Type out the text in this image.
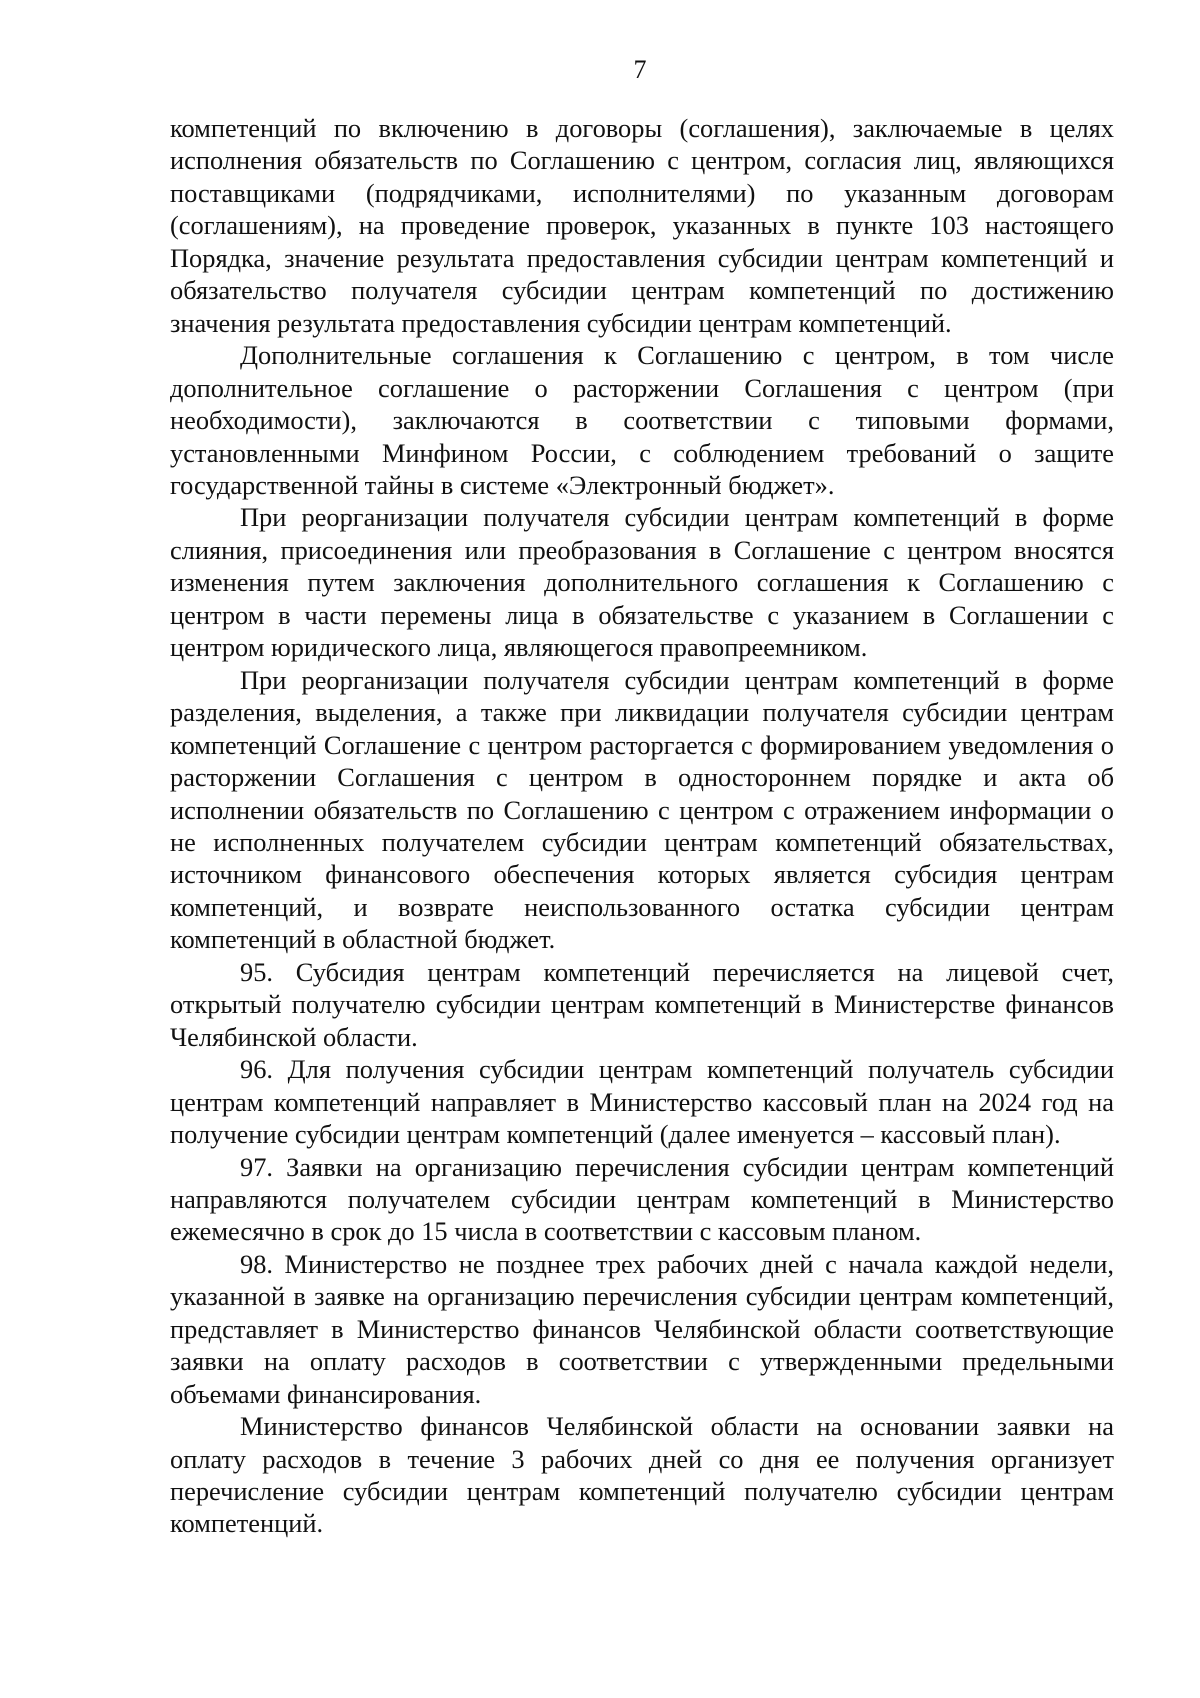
7

компетенций по включению в договоры (соглашения), заключаемые в целях исполнения обязательств по Соглашению с центром, согласия лиц, являющихся поставщиками (подрядчиками, исполнителями) по указанным договорам (соглашениям), на проведение проверок, указанных в пункте 103 настоящего Порядка, значение результата предоставления субсидии центрам компетенций и обязательство получателя субсидии центрам компетенций по достижению значения результата предоставления субсидии центрам компетенций.

Дополнительные соглашения к Соглашению с центром, в том числе дополнительное соглашение о расторжении Соглашения с центром (при необходимости), заключаются в соответствии с типовыми формами, установленными Минфином России, с соблюдением требований о защите государственной тайны в системе «Электронный бюджет».

При реорганизации получателя субсидии центрам компетенций в форме слияния, присоединения или преобразования в Соглашение с центром вносятся изменения путем заключения дополнительного соглашения к Соглашению с центром в части перемены лица в обязательстве с указанием в Соглашении с центром юридического лица, являющегося правопреемником.

При реорганизации получателя субсидии центрам компетенций в форме разделения, выделения, а также при ликвидации получателя субсидии центрам компетенций Соглашение с центром расторгается с формированием уведомления о расторжении Соглашения с центром в одностороннем порядке и акта об исполнении обязательств по Соглашению с центром с отражением информации о не исполненных получателем субсидии центрам компетенций обязательствах, источником финансового обеспечения которых является субсидия центрам компетенций, и возврате неиспользованного остатка субсидии центрам компетенций в областной бюджет.

95. Субсидия центрам компетенций перечисляется на лицевой счет, открытый получателю субсидии центрам компетенций в Министерстве финансов Челябинской области.

96. Для получения субсидии центрам компетенций получатель субсидии центрам компетенций направляет в Министерство кассовый план на 2024 год на получение субсидии центрам компетенций (далее именуется – кассовый план).

97. Заявки на организацию перечисления субсидии центрам компетенций направляются получателем субсидии центрам компетенций в Министерство ежемесячно в срок до 15 числа в соответствии с кассовым планом.

98. Министерство не позднее трех рабочих дней с начала каждой недели, указанной в заявке на организацию перечисления субсидии центрам компетенций, представляет в Министерство финансов Челябинской области соответствующие заявки на оплату расходов в соответствии с утвержденными предельными объемами финансирования.

Министерство финансов Челябинской области на основании заявки на оплату расходов в течение 3 рабочих дней со дня ее получения организует перечисление субсидии центрам компетенций получателю субсидии центрам компетенций.
